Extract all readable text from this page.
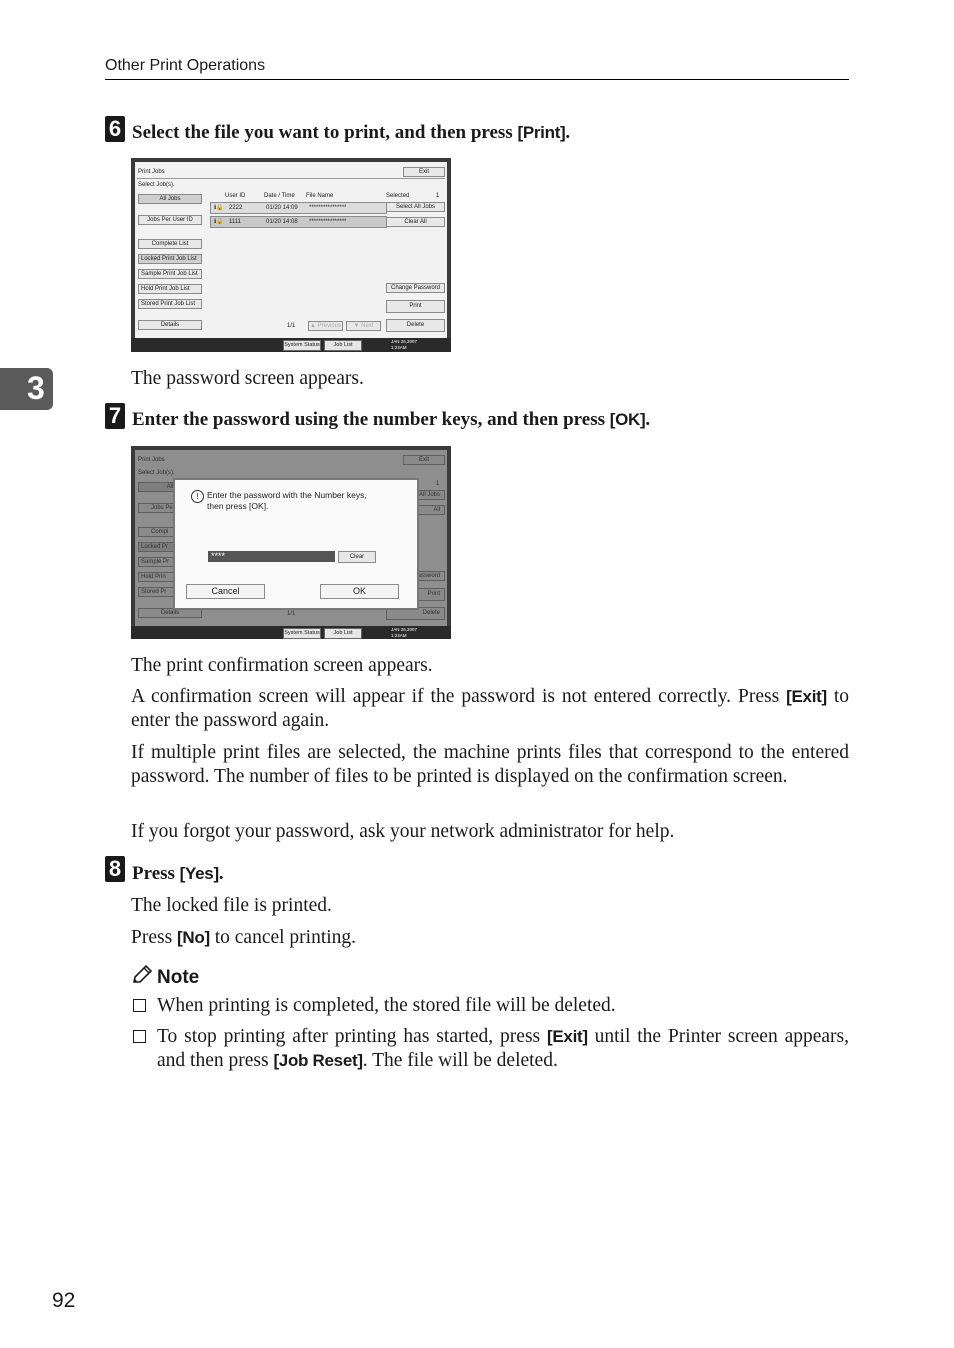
Other Print Operations
3
6 Select the file you want to print, and then press [Print].
Print Jobs	Exit
Select Job(s).
All Jobs
Jobs Per User ID
Complete List
Locked Print Job List
Sample Print Job List
Hold Print Job List
Stored Print Job List
Details
User ID	Date / Time File Name
ℹ🔒 2222	01/20 14:09 ****************
ℹ🔒 1111	01/20 14:08 ****************
Selected	1
Select All Jobs
Clear All
Change Password
Print
Delete
1/1	▲ Previous	▼ Next
System Status	Job List
JAN 26,2007
1:23AM
The password screen appears.
7 Enter the password using the number keys, and then press [OK].
! Enter the password with the Number keys,
then press [OK].
****	Clear
Cancel	OK
System Status	Job List
JAN 26,2007
1:23AM
The print confirmation screen appears.
A confirmation screen will appear if the password is not entered correctly. Press [Exit] to enter the password again.
If multiple print files are selected, the machine prints files that correspond to the entered password. The number of files to be printed is displayed on the confirmation screen.
If you forgot your password, ask your network administrator for help.
8 Press [Yes].
The locked file is printed.
Press [No] to cancel printing.
Note
When printing is completed, the stored file will be deleted.
To stop printing after printing has started, press [Exit] until the Printer screen appears, and then press [Job Reset]. The file will be deleted.
92
